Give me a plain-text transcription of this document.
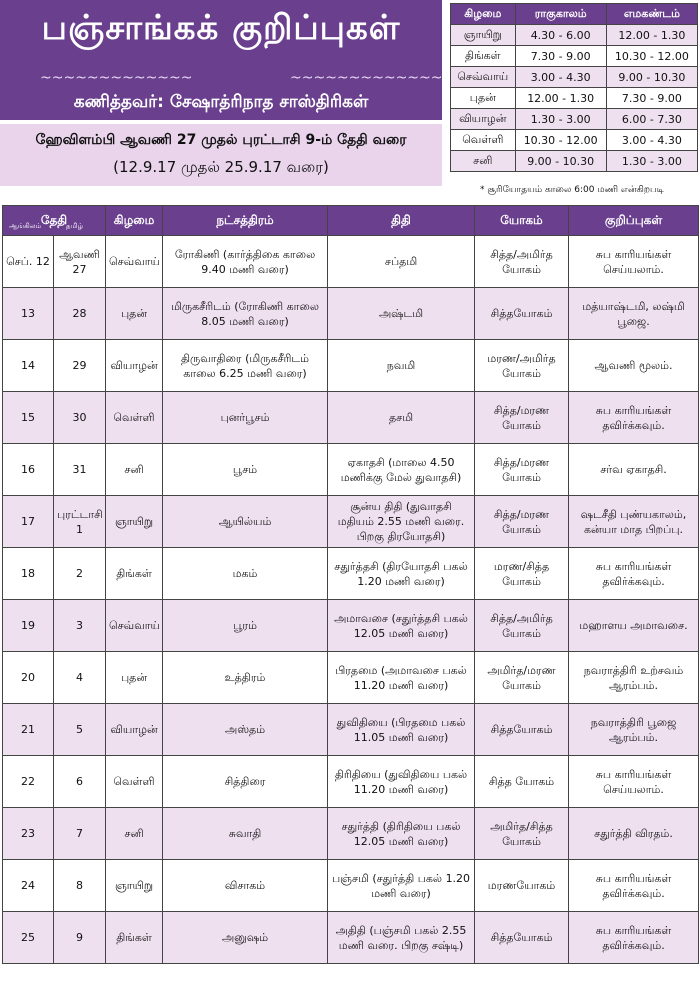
பஞ்சாங்கக் குறிப்புகள்
~~~~~~~~~~~~~	~~~~~~~~~~~~~
கணித்தவர்: சேஷாத்ரிநாத சாஸ்திரிகள்
ஹேவிளம்பி ஆவணி 27 முதல் புரட்டாசி 9-ம் தேதி வரை
(12.9.17 முதல் 25.9.17 வரை)
கிழமை	ராகுகாலம்	எமகண்டம்
ஞாயிறு	4.30 - 6.00	12.00 - 1.30
திங்கள்	7.30 - 9.00	10.30 - 12.00
செவ்வாய்	3.00 - 4.30	9.00 - 10.30
புதன்	12.00 - 1.30	7.30 - 9.00
வியாழன்	1.30 - 3.00	6.00 - 7.30
வெள்ளி	10.30 - 12.00	3.00 - 4.30
சனி	9.00 - 10.30	1.30 - 3.00
* சூரியோதயம் காலை 6:00 மணி என்கிறபடி
தேதி
ஆங்கிலம் தமிழ்		கிழமை	நட்சத்திரம்	திதி	யோகம்	குறிப்புகள்
செப். 12	ஆவணி 27	செவ்வாய்	ரோகிணி (கார்த்திகை காலை 9.40 மணி வரை)	சப்தமி	சித்த/அமிர்த யோகம்	சுப காரியங்கள் செய்யலாம்.
13	28	புதன்	மிருகசீரிடம் (ரோகிணி காலை 8.05 மணி வரை)	அஷ்டமி	சித்தயோகம்	மத்யாஷ்டமி, லஷ்மி பூஜை.
14	29	வியாழன்	திருவாதிரை (மிருகசீரிடம் காலை 6.25 மணி வரை)	நவமி	மரண/அமிர்த யோகம்	ஆவணி மூலம்.
15	30	வெள்ளி	புனர்பூசம்	தசமி	சித்த/மரண யோகம்	சுப காரியங்கள் தவிர்க்கவும்.
16	31	சனி	பூசம்	ஏகாதசி (மாலை 4.50 மணிக்கு மேல் துவாதசி)	சித்த/மரண யோகம்	சர்வ ஏகாதசி.
17	புரட்டாசி 1	ஞாயிறு	ஆயில்யம்	சூன்ய திதி (துவாதசி மதியம் 2.55 மணி வரை. பிறகு திரயோதசி)	சித்த/மரண யோகம்	ஷடசீதி புண்யகாலம், கன்யா மாத பிறப்பு.
18	2	திங்கள்	மகம்	சதுர்த்தசி (திரயோதசி பகல் 1.20 மணி வரை)	மரண/சித்த யோகம்	சுப காரியங்கள் தவிர்க்கவும்.
19	3	செவ்வாய்	பூரம்	அமாவசை (சதுர்த்தசி பகல் 12.05 மணி வரை)	சித்த/அமிர்த யோகம்	மஹாளய அமாவசை.
20	4	புதன்	உத்திரம்	பிரதமை (அமாவசை பகல் 11.20 மணி வரை)	அமிர்த/மரண யோகம்	நவராத்திரி உற்சவம் ஆரம்பம்.
21	5	வியாழன்	அஸ்தம்	துவிதியை (பிரதமை பகல் 11.05 மணி வரை)	சித்தயோகம்	நவராத்திரி பூஜை ஆரம்பம்.
22	6	வெள்ளி	சித்திரை	திரிதியை (துவிதியை பகல் 11.20 மணி வரை)	சித்த யோகம்	சுப காரியங்கள் செய்யலாம்.
23	7	சனி	சுவாதி	சதுர்த்தி (திரிதியை பகல் 12.05 மணி வரை)	அமிர்த/சித்த யோகம்	சதுர்த்தி விரதம்.
24	8	ஞாயிறு	விசாகம்	பஞ்சமி (சதுர்த்தி பகல் 1.20 மணி வரை)	மரணயோகம்	சுப காரியங்கள் தவிர்க்கவும்.
25	9	திங்கள்	அனுஷம்	அதிதி (பஞ்சமி பகல் 2.55 மணி வரை. பிறகு சஷ்டி)	சித்தயோகம்	சுப காரியங்கள் தவிர்க்கவும்.
